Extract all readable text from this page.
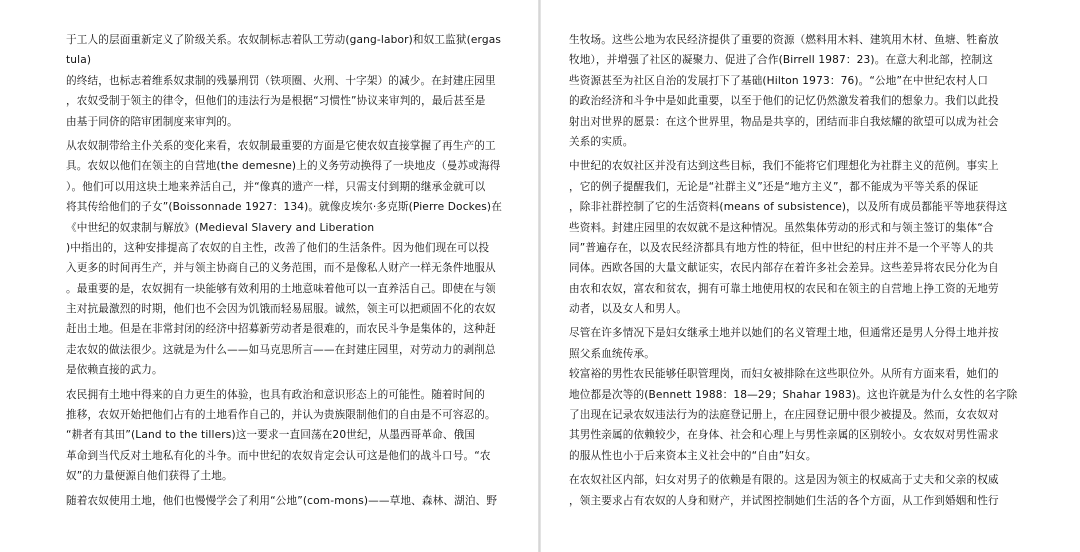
于工人的层面重新定义了阶级关系。农奴制标志着队工劳动(gang-labor)和奴工监狱(ergas
tula)
的终结，也标志着维系奴隶制的残暴刑罚（铁项圈、火刑、十字架）的减少。在封建庄园里
，农奴受制于领主的律令，但他们的违法行为是根据“习惯性”协议来审判的，最后甚至是
由基于同侪的陪审团制度来审判的。
从农奴制带给主仆关系的变化来看，农奴制最重要的方面是它使农奴直接掌握了再生产的工
具。农奴以他们在领主的自营地(the demesne)上的义务劳动换得了一块地皮（曼苏或海得
）。他们可以用这块土地来养活自己，并“像真的遗产一样，只需支付到期的继承金就可以
将其传给他们的子女”(Boissonnade 1927：134)。就像皮埃尔·多克斯(Pierre Dockes)在
《中世纪的奴隶制与解放》(Medieval Slavery and Liberation
)中指出的，这种安排提高了农奴的自主性，改善了他们的生活条件。因为他们现在可以投
入更多的时间再生产，并与领主协商自己的义务范围，而不是像私人财产一样无条件地服从
。最重要的是，农奴拥有一块能够有效利用的土地意味着他可以一直养活自己。即使在与领
主对抗最激烈的时期，他们也不会因为饥饿而轻易屈服。诚然，领主可以把顽固不化的农奴
赶出土地。但是在非常封闭的经济中招募新劳动者是很难的，而农民斗争是集体的，这种赶
走农奴的做法很少。这就是为什么——如马克思所言——在封建庄园里，对劳动力的剥削总
是依赖直接的武力。
农民拥有土地中得来的自力更生的体验，也具有政治和意识形态上的可能性。随着时间的
推移，农奴开始把他们占有的土地看作自己的，并认为贵族限制他们的自由是不可容忍的。
“耕者有其田”(Land to the tillers)这一要求一直回荡在20世纪，从墨西哥革命、俄国
革命到当代反对土地私有化的斗争。而中世纪的农奴肯定会认可这是他们的战斗口号。“农
奴”的力量便源自他们获得了土地。
随着农奴使用土地，他们也慢慢学会了利用“公地”(com-mons)——草地、森林、湖泊、野
生牧场。这些公地为农民经济提供了重要的资源（燃料用木料、建筑用木材、鱼塘、牲畜放
牧地），并增强了社区的凝聚力、促进了合作(Birrell 1987：23)。在意大利北部，控制这
些资源甚至为社区自治的发展打下了基础(Hilton 1973：76)。“公地”在中世纪农村人口
的政治经济和斗争中是如此重要，以至于他们的记忆仍然激发着我们的想象力。我们以此投
射出对世界的愿景：在这个世界里，物品是共享的，团结而非自我炫耀的欲望可以成为社会
关系的实质。
中世纪的农奴社区并没有达到这些目标，我们不能将它们理想化为社群主义的范例。事实上
，它的例子提醒我们，无论是“社群主义”还是“地方主义”，都不能成为平等关系的保证
，除非社群控制了它的生活资料(means of subsistence)，以及所有成员都能平等地获得这
些资料。封建庄园里的农奴就不是这种情况。虽然集体劳动的形式和与领主签订的集体“合
同”普遍存在，以及农民经济都具有地方性的特征，但中世纪的村庄并不是一个平等人的共
同体。西欧各国的大量文献证实，农民内部存在着许多社会差异。这些差异将农民分化为自
由农和农奴，富农和贫农，拥有可靠土地使用权的农民和在领主的自营地上挣工资的无地劳
动者，以及女人和男人。
尽管在许多情况下是妇女继承土地并以她们的名义管理土地，但通常还是男人分得土地并按
照父系血统传承。
较富裕的男性农民能够任职管理岗，而妇女被排除在这些职位外。从所有方面来看，她们的
地位都是次等的(Bennett 1988：18—29；Shahar 1983)。这也许就是为什么女性的名字除
了出现在记录农奴违法行为的法庭登记册上，在庄园登记册中很少被提及。然而，女农奴对
其男性亲属的依赖较少，在身体、社会和心理上与男性亲属的区别较小。女农奴对男性需求
的服从性也小于后来资本主义社会中的“自由”妇女。
在农奴社区内部，妇女对男子的依赖是有限的。这是因为领主的权威高于丈夫和父亲的权威
，领主要求占有农奴的人身和财产，并试图控制她们生活的各个方面，从工作到婚姻和性行
